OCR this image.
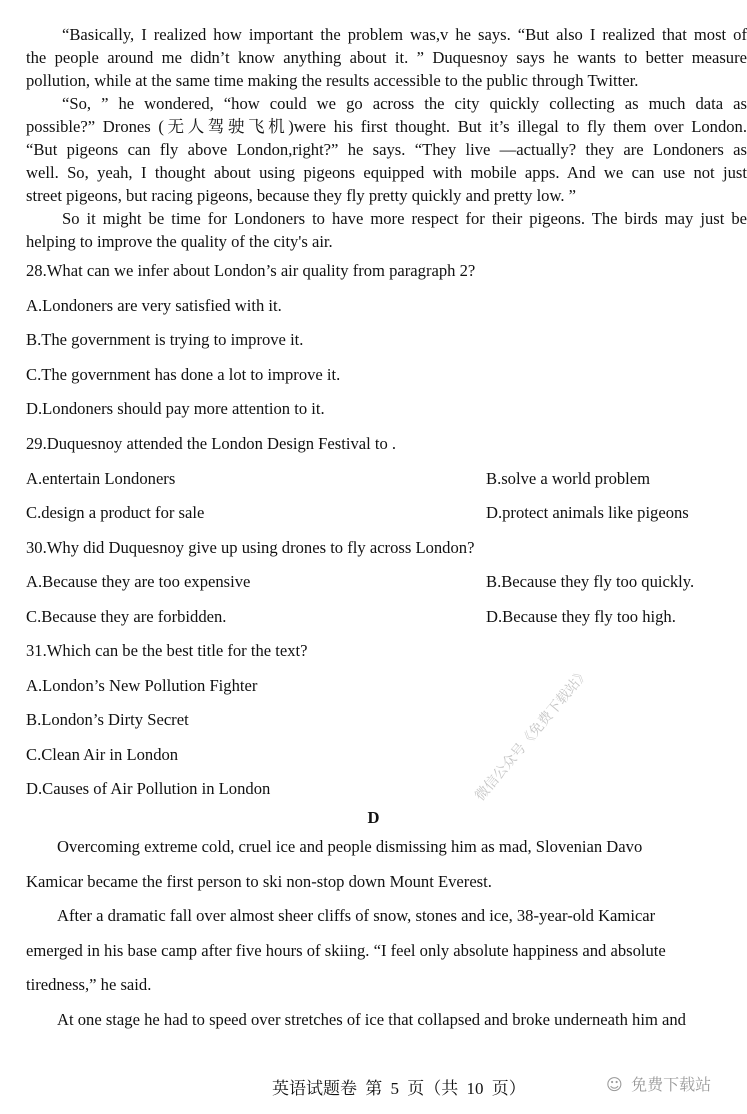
“Basically, I realized how important the problem was,v he says. “But also I realized that most of
the people around me didn’t know anything about it. ” Duquesnoy says he wants to better measure
pollution, while at the same time making the results accessible to the public through Twitter.
“So, ” he wondered, “how could we go across the city quickly collecting as much data as
possible?” Drones (无人驾驶飞机)were his first thought. But it’s illegal to fly them over London.
“But pigeons can fly above London,right?” he says. “They live —actually? they are Londoners as
well. So, yeah, I thought about using pigeons equipped with mobile apps. And we can use not just
street pigeons, but racing pigeons, because they fly pretty quickly and pretty low. ”
So it might be time for Londoners to have more respect for their pigeons. The birds may just be
helping to improve the quality of the city's air.
28.What can we infer about London’s air quality from paragraph 2?
A.Londoners are very satisfied with it.
B.The government is trying to improve it.
C.The government has done a lot to improve it.
D.Londoners should pay more attention to it.
29.Duquesnoy attended the London Design Festival to .
A.entertain Londoners	B.solve a world problem
C.design a product for sale	D.protect animals like pigeons
30.Why did Duquesnoy give up using drones to fly across London?
A.Because they are too expensive	B.Because they fly too quickly.
C.Because they are forbidden.	D.Because they fly too high.
31.Which can be the best title for the text?
A.London’s New Pollution Fighter
B.London’s Dirty Secret
C.Clean Air in London
D.Causes of Air Pollution in London
D
Overcoming extreme cold, cruel ice and people dismissing him as mad, Slovenian Davo
Kamicar became the first person to ski non-stop down Mount Everest.
After a dramatic fall over almost sheer cliffs of snow, stones and ice, 38-year-old Kamicar
emerged in his base camp after five hours of skiing. “I feel only absolute happiness and absolute
tiredness,” he said.
At one stage he had to speed over stretches of ice that collapsed and broke underneath him and
微信公众号《免费下载站》
英语试题卷 第 5 页（共 10 页）	☺ 免费下载站
